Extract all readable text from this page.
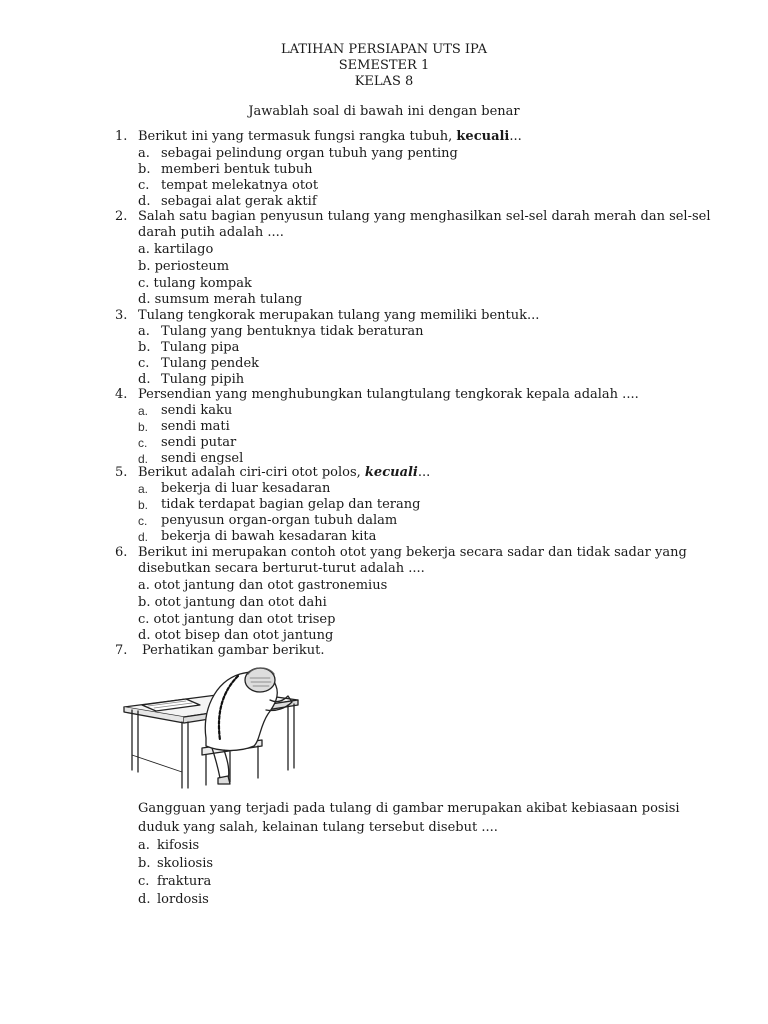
LATIHAN PERSIAPAN UTS IPA
SEMESTER 1
KELAS 8
Jawablah soal di bawah ini dengan benar
1. Berikut ini yang termasuk fungsi rangka tubuh, kecuali...
a. sebagai pelindung organ tubuh yang penting
b. memberi bentuk tubuh
c. tempat melekatnya otot
d. sebagai alat gerak aktif
2. Salah satu bagian penyusun tulang yang menghasilkan sel-sel darah merah dan sel-sel
darah putih adalah ....
a. kartilago
b. periosteum
c. tulang kompak
d. sumsum merah tulang
3. Tulang tengkorak merupakan tulang yang memiliki bentuk...
a. Tulang yang bentuknya tidak beraturan
b. Tulang pipa
c. Tulang pendek
d. Tulang pipih
4. Persendian yang menghubungkan tulangtulang tengkorak kepala adalah ....
a. sendi kaku
b. sendi mati
c. sendi putar
d. sendi engsel
5. Berikut adalah ciri-ciri otot polos, kecuali...
a. bekerja di luar kesadaran
b. tidak terdapat bagian gelap dan terang
c. penyusun organ-organ tubuh dalam
d. bekerja di bawah kesadaran kita
6. Berikut ini merupakan contoh otot yang bekerja secara sadar dan tidak sadar yang
disebutkan secara berturut-turut adalah ....
a. otot jantung dan otot gastronemius
b. otot jantung dan otot dahi
c. otot jantung dan otot trisep
d. otot bisep dan otot jantung
7. Perhatikan gambar berikut.
Gangguan yang terjadi pada tulang di gambar merupakan akibat kebiasaan posisi
duduk yang salah, kelainan tulang tersebut disebut ....
a. kifosis
b. skoliosis
c. fraktura
d. lordosis
